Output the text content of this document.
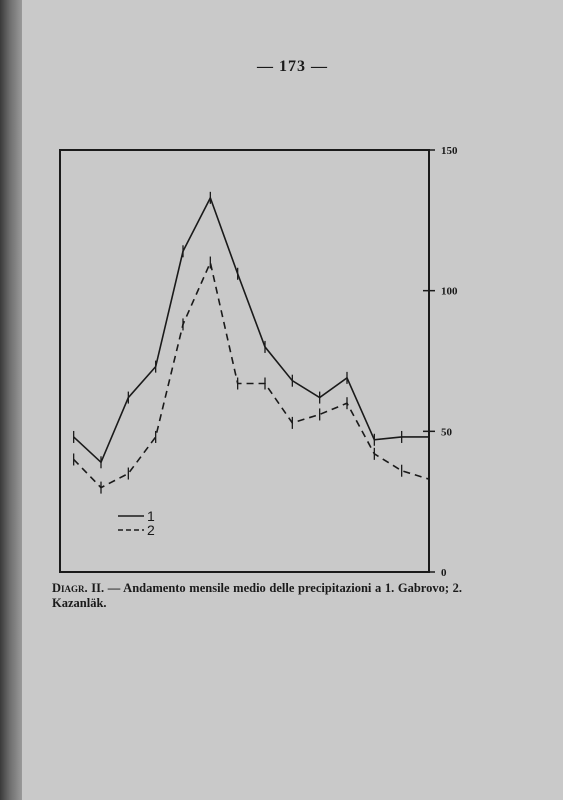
— 173 —
0
50
100
150
1
2
Diagr. II. — Andamento mensile medio delle precipitazioni a 1. Gabrovo; 2. Kazanläk.
